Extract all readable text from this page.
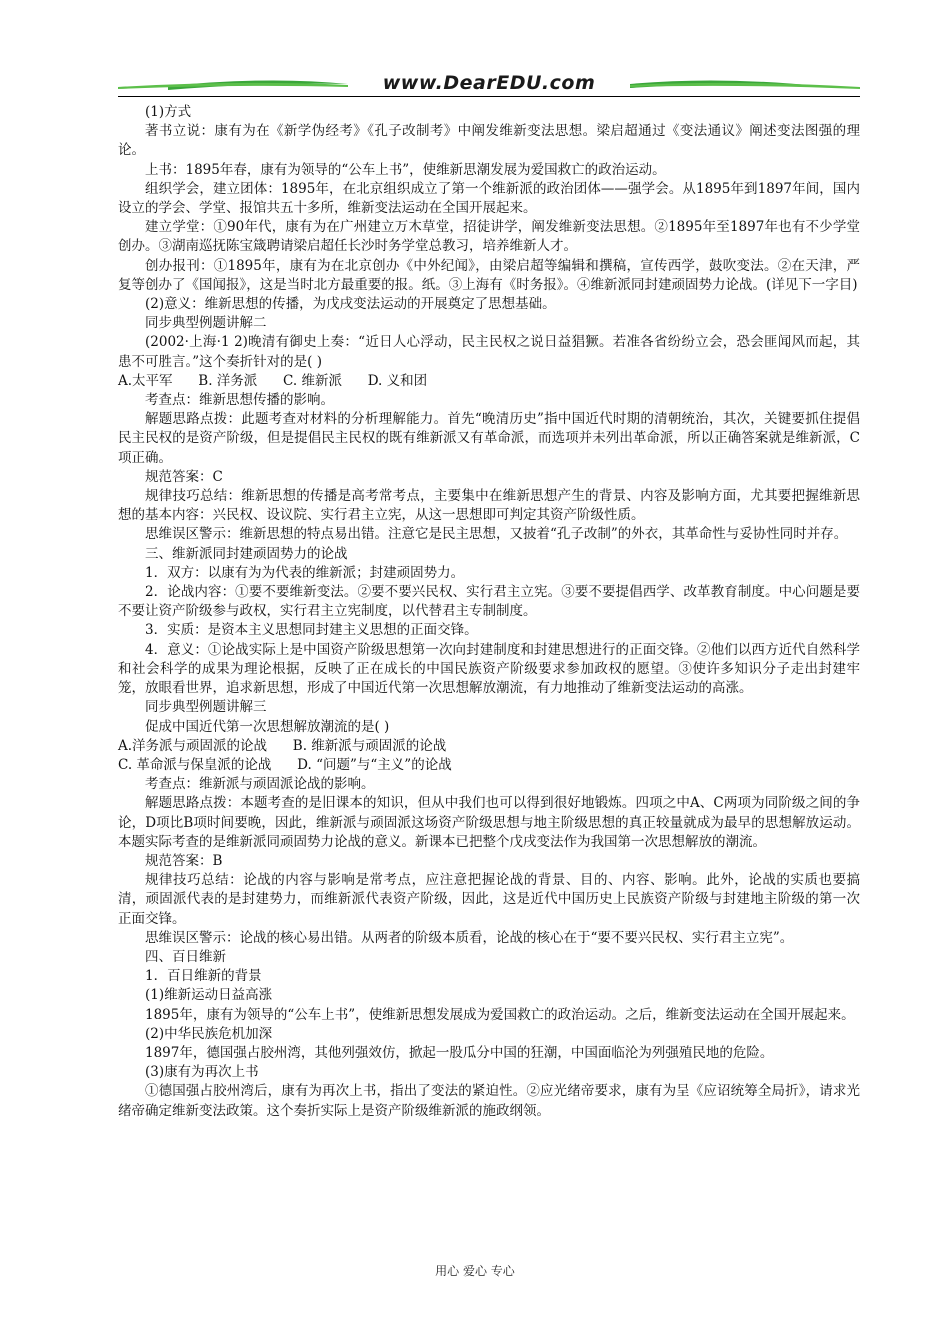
www.DearEDU.com

(1)方式

著书立说：康有为在《新学伪经考》《孔子改制考》中阐发维新变法思想。梁启超通过《变法通议》阐述变法图强的理论。

上书：1895年春，康有为领导的“公车上书”，使维新思潮发展为爱国救亡的政治运动。

组织学会，建立团体：1895年，在北京组织成立了第一个维新派的政治团体——强学会。从1895年到1897年间，国内设立的学会、学堂、报馆共五十多所，维新变法运动在全国开展起来。

建立学堂：①90年代，康有为在广州建立万木草堂，招徒讲学，阐发维新变法思想。②1895年至1897年也有不少学堂创办。③湖南巡抚陈宝箴聘请梁启超任长沙时务学堂总教习，培养维新人才。

创办报刊：①1895年，康有为在北京创办《中外纪闻》，由梁启超等编辑和撰稿，宣传西学，鼓吹变法。②在天津，严复等创办了《国闻报》，这是当时北方最重要的报。纸。③上海有《时务报》。④维新派同封建顽固势力论战。(详见下一字目)

(2)意义：维新思想的传播，为戊戌变法运动的开展奠定了思想基础。

同步典型例题讲解二

(2002·上海·1 2)晚清有御史上奏：“近日人心浮动，民主民权之说日益猖獗。若准各省纷纷立会，恐会匪闻风而起，其患不可胜言。”这个奏折针对的是( )

A.太平军      B. 洋务派      C. 维新派      D. 义和团

考查点：维新思想传播的影响。

解题思路点拨：此题考查对材料的分析理解能力。首先“晚清历史”指中国近代时期的清朝统治，其次，关键要抓住提倡民主民权的是资产阶级，但是提倡民主民权的既有维新派又有革命派，而选项并未列出革命派，所以正确答案就是维新派，C项正确。

规范答案：C

规律技巧总结：维新思想的传播是高考常考点，主要集中在维新思想产生的背景、内容及影响方面，尤其要把握维新思想的基本内容：兴民权、设议院、实行君主立宪，从这一思想即可判定其资产阶级性质。

思维误区警示：维新思想的特点易出错。注意它是民主思想，又披着“孔子改制”的外衣，其革命性与妥协性同时并存。

三、维新派同封建顽固势力的论战

1．双方：以康有为为代表的维新派；封建顽固势力。

2．论战内容：①要不要维新变法。②要不要兴民权、实行君主立宪。③要不要提倡西学、改革教育制度。中心问题是要不要让资产阶级参与政权，实行君主立宪制度，以代替君主专制制度。

3．实质：是资本主义思想同封建主义思想的正面交锋。

4．意义：①论战实际上是中国资产阶级思想第一次向封建制度和封建思想进行的正面交锋。②他们以西方近代自然科学和社会科学的成果为理论根据，反映了正在成长的中国民族资产阶级要求参加政权的愿望。③使许多知识分子走出封建牢笼，放眼看世界，追求新思想，形成了中国近代第一次思想解放潮流，有力地推动了维新变法运动的高涨。

同步典型例题讲解三

促成中国近代第一次思想解放潮流的是( )

A.洋务派与顽固派的论战      B. 维新派与顽固派的论战

C. 革命派与保皇派的论战      D. “问题”与“主义”的论战

考查点：维新派与顽固派论战的影响。

解题思路点拨：本题考查的是旧课本的知识，但从中我们也可以得到很好地锻炼。四项之中A、C两项为同阶级之间的争论，D项比B项时间要晚，因此，维新派与顽固派这场资产阶级思想与地主阶级思想的真正较量就成为最早的思想解放运动。本题实际考查的是维新派同顽固势力论战的意义。新课本已把整个戊戌变法作为我国第一次思想解放的潮流。

规范答案：B

规律技巧总结：论战的内容与影响是常考点，应注意把握论战的背景、目的、内容、影响。此外，论战的实质也要搞清，顽固派代表的是封建势力，而维新派代表资产阶级，因此，这是近代中国历史上民族资产阶级与封建地主阶级的第一次正面交锋。

思维误区警示：论战的核心易出错。从两者的阶级本质看，论战的核心在于“要不要兴民权、实行君主立宪”。

四、百日维新

1．百日维新的背景

(1)维新运动日益高涨

1895年，康有为领导的“公车上书”，使维新思想发展成为爱国救亡的政治运动。之后，维新变法运动在全国开展起来。

(2)中华民族危机加深

1897年，德国强占胶州湾，其他列强效仿，掀起一股瓜分中国的狂潮，中国面临沦为列强殖民地的危险。

(3)康有为再次上书

①德国强占胶州湾后，康有为再次上书，指出了变法的紧迫性。②应光绪帝要求，康有为呈《应诏统筹全局折》，请求光绪帝确定维新变法政策。这个奏折实际上是资产阶级维新派的施政纲领。

用心 爱心 专心
